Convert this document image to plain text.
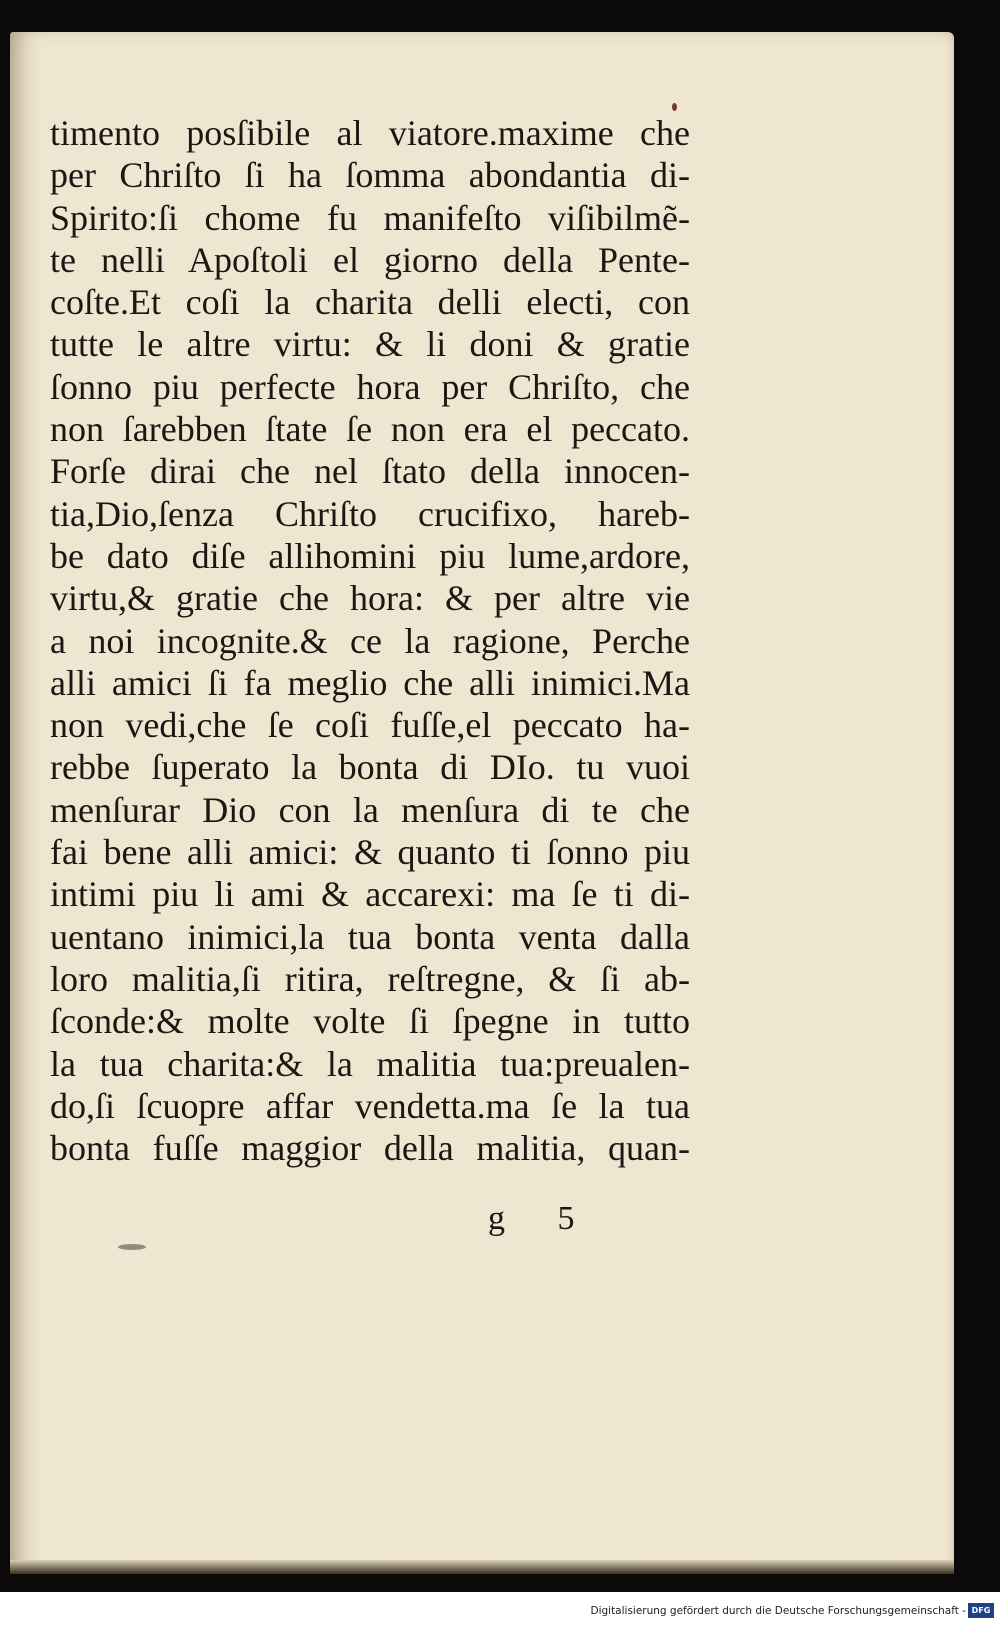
timento posſibile al viatore.maxime che
per Chriſto ſi ha ſomma abondantia di-
Spirito:ſi chome fu manifeſto viſibilmẽ-
te nelli Apoſtoli el giorno della Pente-
coſte.Et coſi la charita delli electi, con
tutte le altre virtu: & li doni & gratie
ſonno piu perfecte hora per Chriſto, che
non ſarebben ſtate ſe non era el peccato.
Forſe dirai che nel ſtato della innocen-
tia,Dio,ſenza Chriſto crucifixo, hareb-
be dato diſe allihomini piu lume,ardore,
virtu,& gratie che hora: & per altre vie
a noi incognite.& ce la ragione, Perche
alli amici ſi fa meglio che alli inimici.Ma
non vedi,che ſe coſi fuſſe,el peccato ha-
rebbe ſuperato la bonta di DIo. tu vuoi
menſurar Dio con la menſura di te che
fai bene alli amici: & quanto ti ſonno piu
intimi piu li ami & accarexi: ma ſe ti di-
uentano inimici,la tua bonta venta dalla
loro malitia,ſi ritira, reſtregne, & ſi ab-
ſconde:& molte volte ſi ſpegne in tutto
la tua charita:& la malitia tua:preualen-
do,ſi ſcuopre affar vendetta.ma ſe la tua
bonta fuſſe maggior della malitia, quan-
g 5
Digitalisierung gefördert durch die Deutsche Forschungsgemeinschaft - DFG
